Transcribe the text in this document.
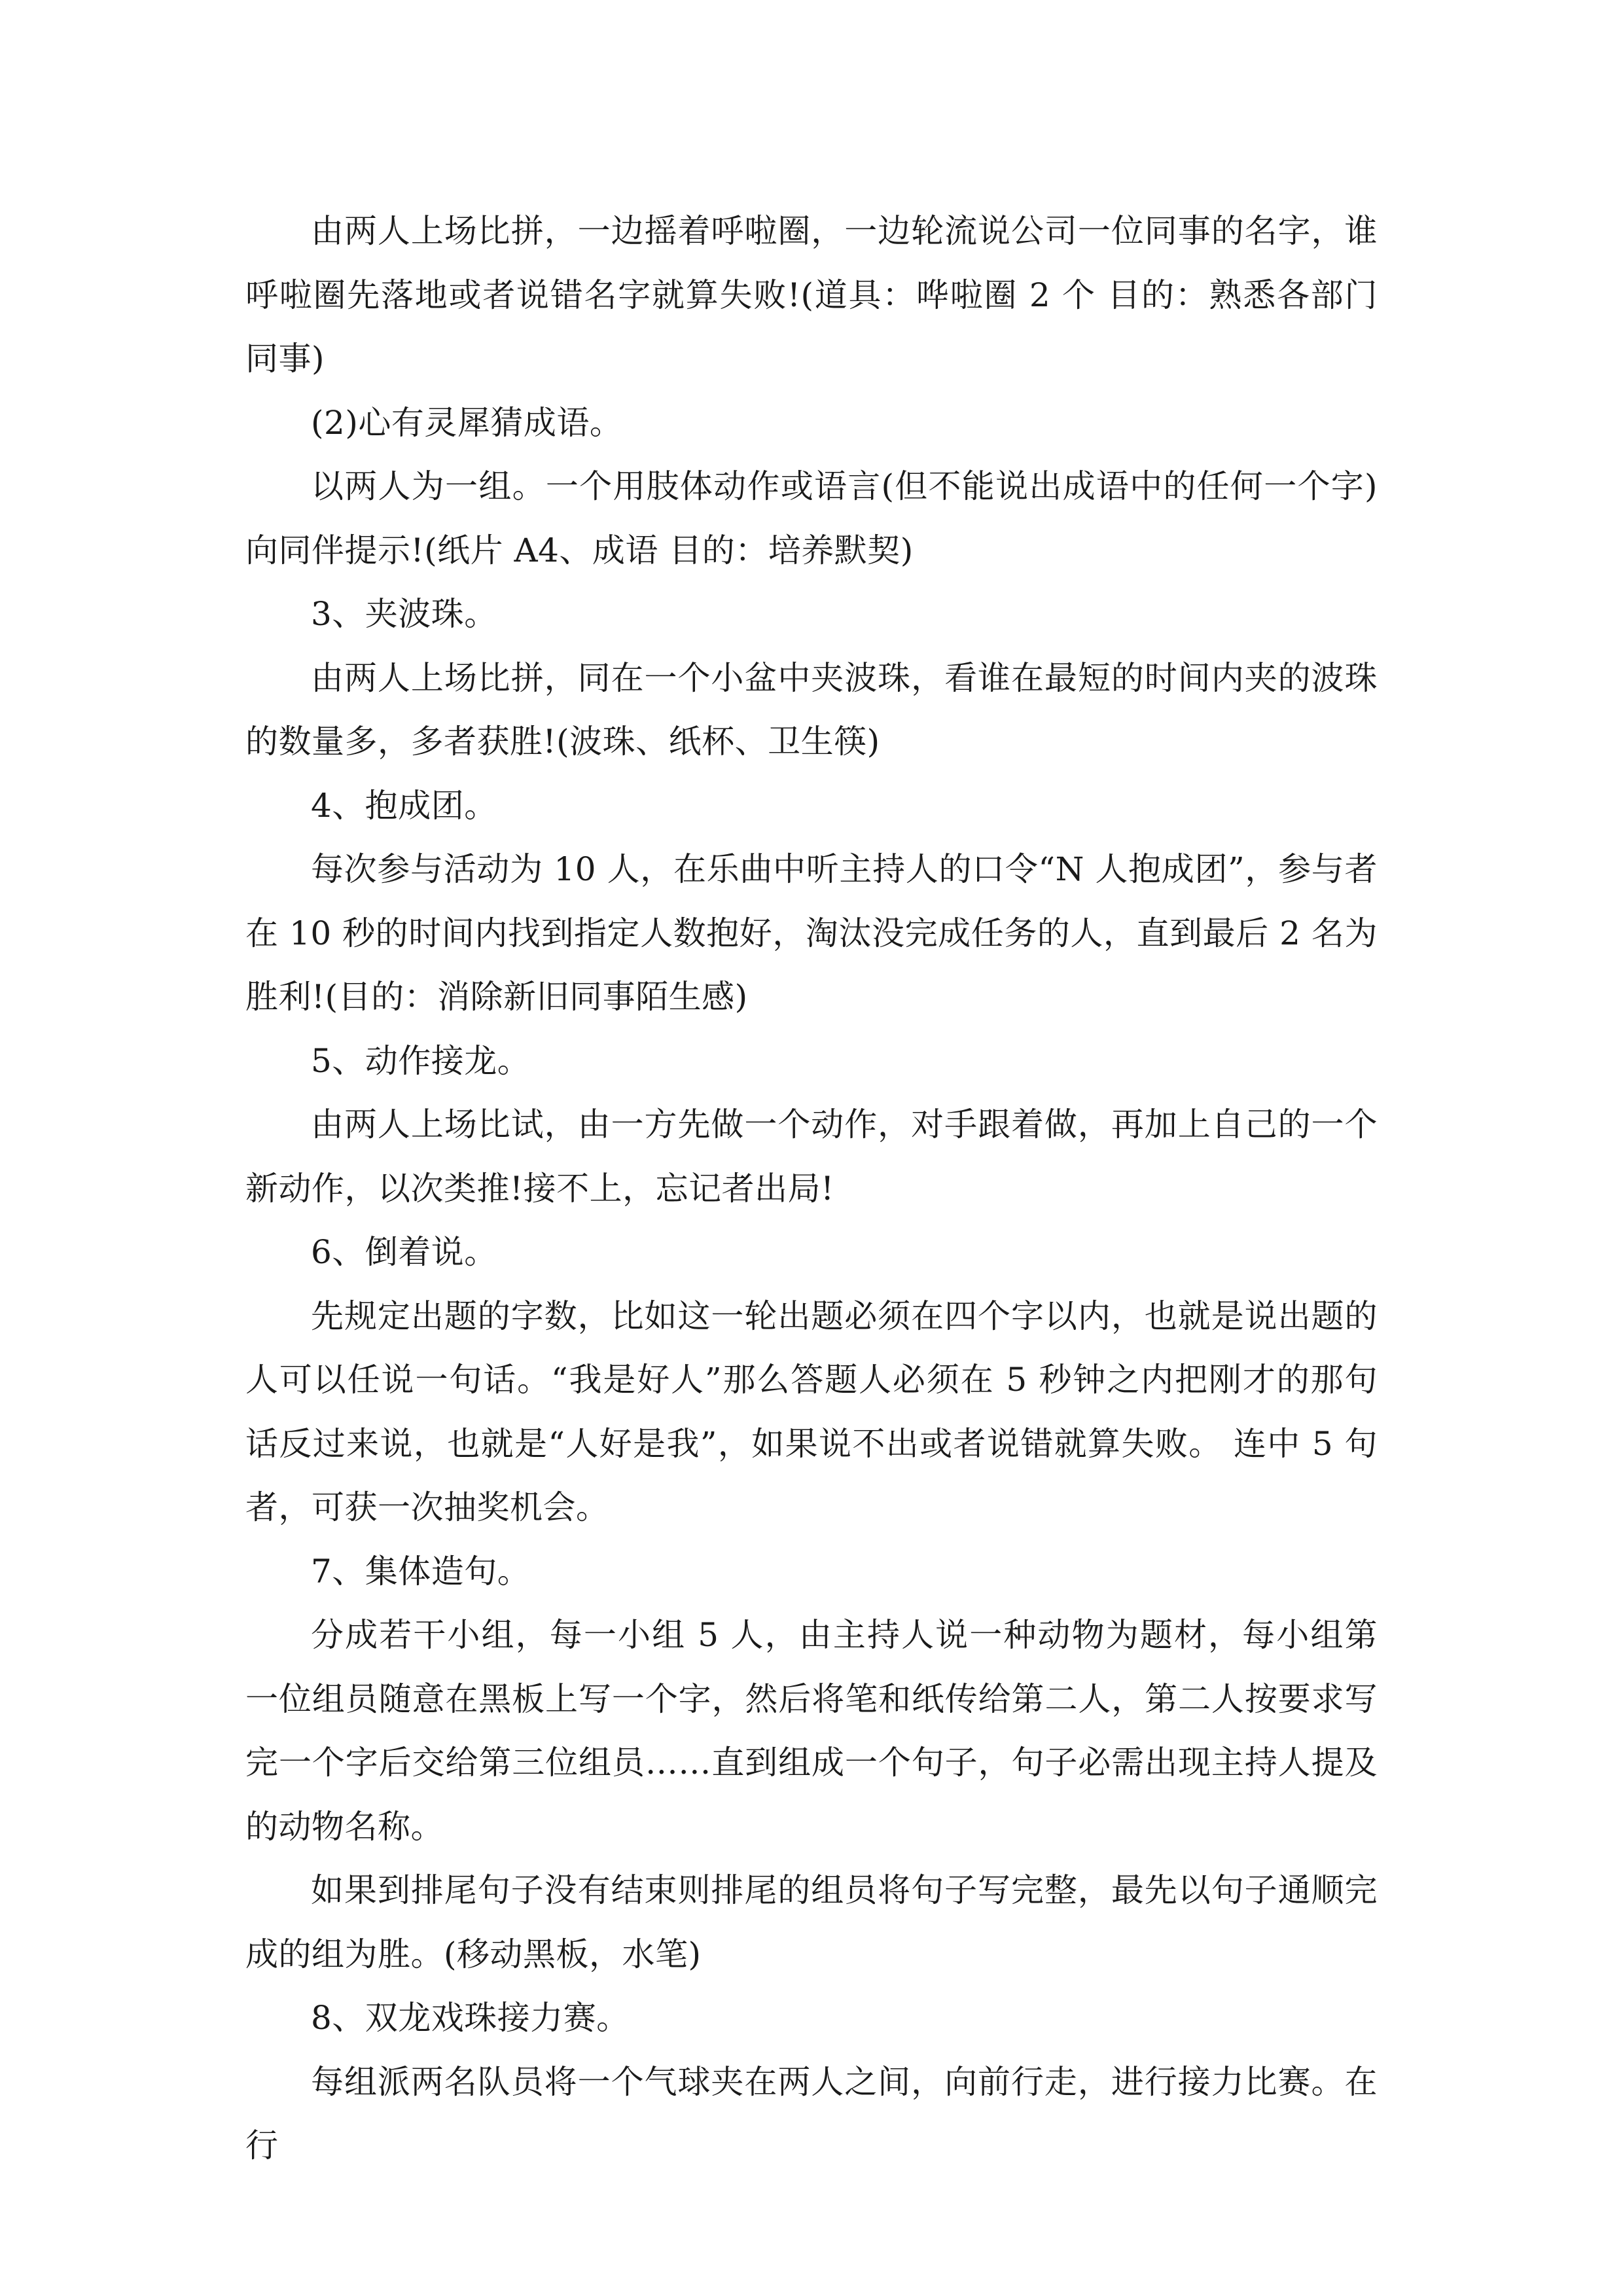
由两人上场比拼，一边摇着呼啦圈，一边轮流说公司一位同事的名字，谁呼啦圈先落地或者说错名字就算失败!(道具：哗啦圈 2 个 目的：熟悉各部门同事)

(2)心有灵犀猜成语。

以两人为一组。一个用肢体动作或语言(但不能说出成语中的任何一个字)向同伴提示!(纸片 A4、成语 目的：培养默契)

3、夹波珠。

由两人上场比拼，同在一个小盆中夹波珠，看谁在最短的时间内夹的波珠的数量多，多者获胜!(波珠、纸杯、卫生筷)

4、抱成团。

每次参与活动为 10 人，在乐曲中听主持人的口令“N 人抱成团”，参与者在 10 秒的时间内找到指定人数抱好，淘汰没完成任务的人，直到最后 2 名为胜利!(目的：消除新旧同事陌生感)

5、动作接龙。

由两人上场比试，由一方先做一个动作，对手跟着做，再加上自己的一个新动作，以次类推!接不上，忘记者出局!

6、倒着说。

先规定出题的字数，比如这一轮出题必须在四个字以内，也就是说出题的人可以任说一句话。“我是好人”那么答题人必须在 5 秒钟之内把刚才的那句话反过来说，也就是“人好是我”，如果说不出或者说错就算失败。 连中 5 句者，可获一次抽奖机会。

7、集体造句。

分成若干小组，每一小组 5 人，由主持人说一种动物为题材，每小组第一位组员随意在黑板上写一个字，然后将笔和纸传给第二人，第二人按要求写完一个字后交给第三位组员……直到组成一个句子，句子必需出现主持人提及的动物名称。

如果到排尾句子没有结束则排尾的组员将句子写完整，最先以句子通顺完成的组为胜。(移动黑板，水笔)

8、双龙戏珠接力赛。

每组派两名队员将一个气球夹在两人之间，向前行走，进行接力比赛。在行
